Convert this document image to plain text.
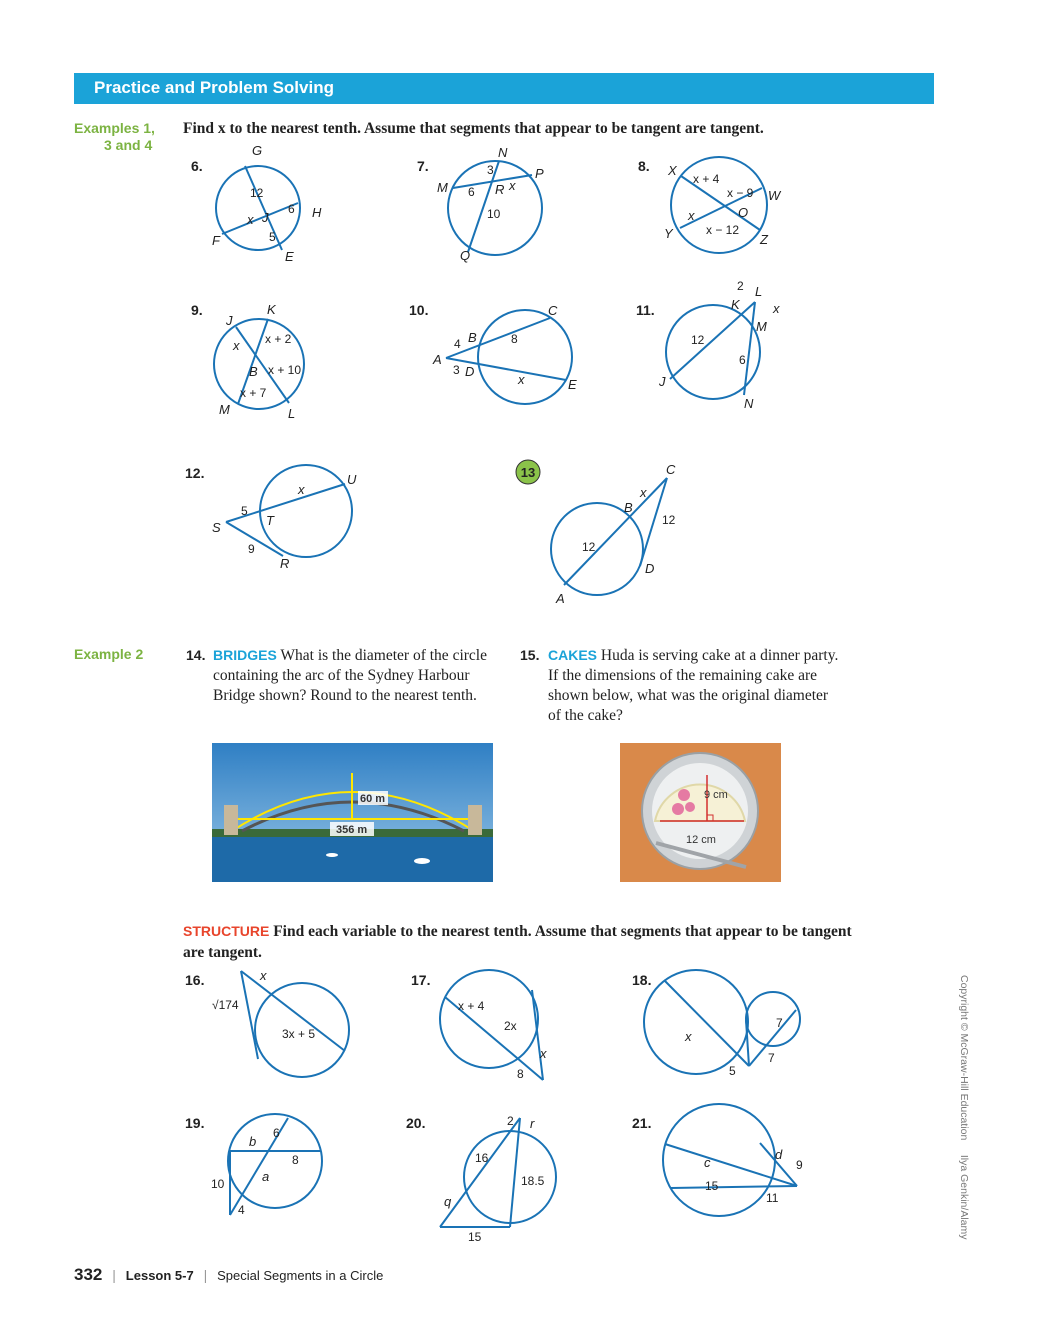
Practice and Problem Solving
Examples 1,
3 and 4
Find x to the nearest tenth. Assume that segments that appear to be tangent are tangent.
6.	7.	8.
9.	10.	11.
12.
G
12
6 H
x J
5
F
E
N
3	P
M 6 R x
10
Q
X
x + 4
x − 9 W
x	O
Y	x − 12
Z
K
J
x + 2
x
B x + 10
x + 7
M	L
C
B	8
4
A
3 D
x	E
2 L
K	x
M
12
6
J
N
x
U
5
T
S
9
R
13	C
x
B
12
12
D
A
Example 2	14. BRIDGES What is the diameter of the circle containing the arc of the Sydney Harbour Bridge shown? Round to the nearest tenth.
15. CAKES Huda is serving cake at a dinner party. If the dimensions of the remaining cake are shown below, what was the original diameter of the cake?
60 m
356 m
9 cm
12 cm
STRUCTURE Find each variable to the nearest tenth. Assume that segments that appear to be tangent are tangent.
16.	17.	18.
19.	20.	21.
x
√174
3x + 5
x + 4
2x
x
8
7
x
7
5
6
b
8
a
10
4
2 r
16
18.5
q
15
d
9
c
15
11	Copyright © McGraw-Hill Education     Ilya Genkin/Alamy
332 | Lesson 5-7 | Special Segments in a Circle
